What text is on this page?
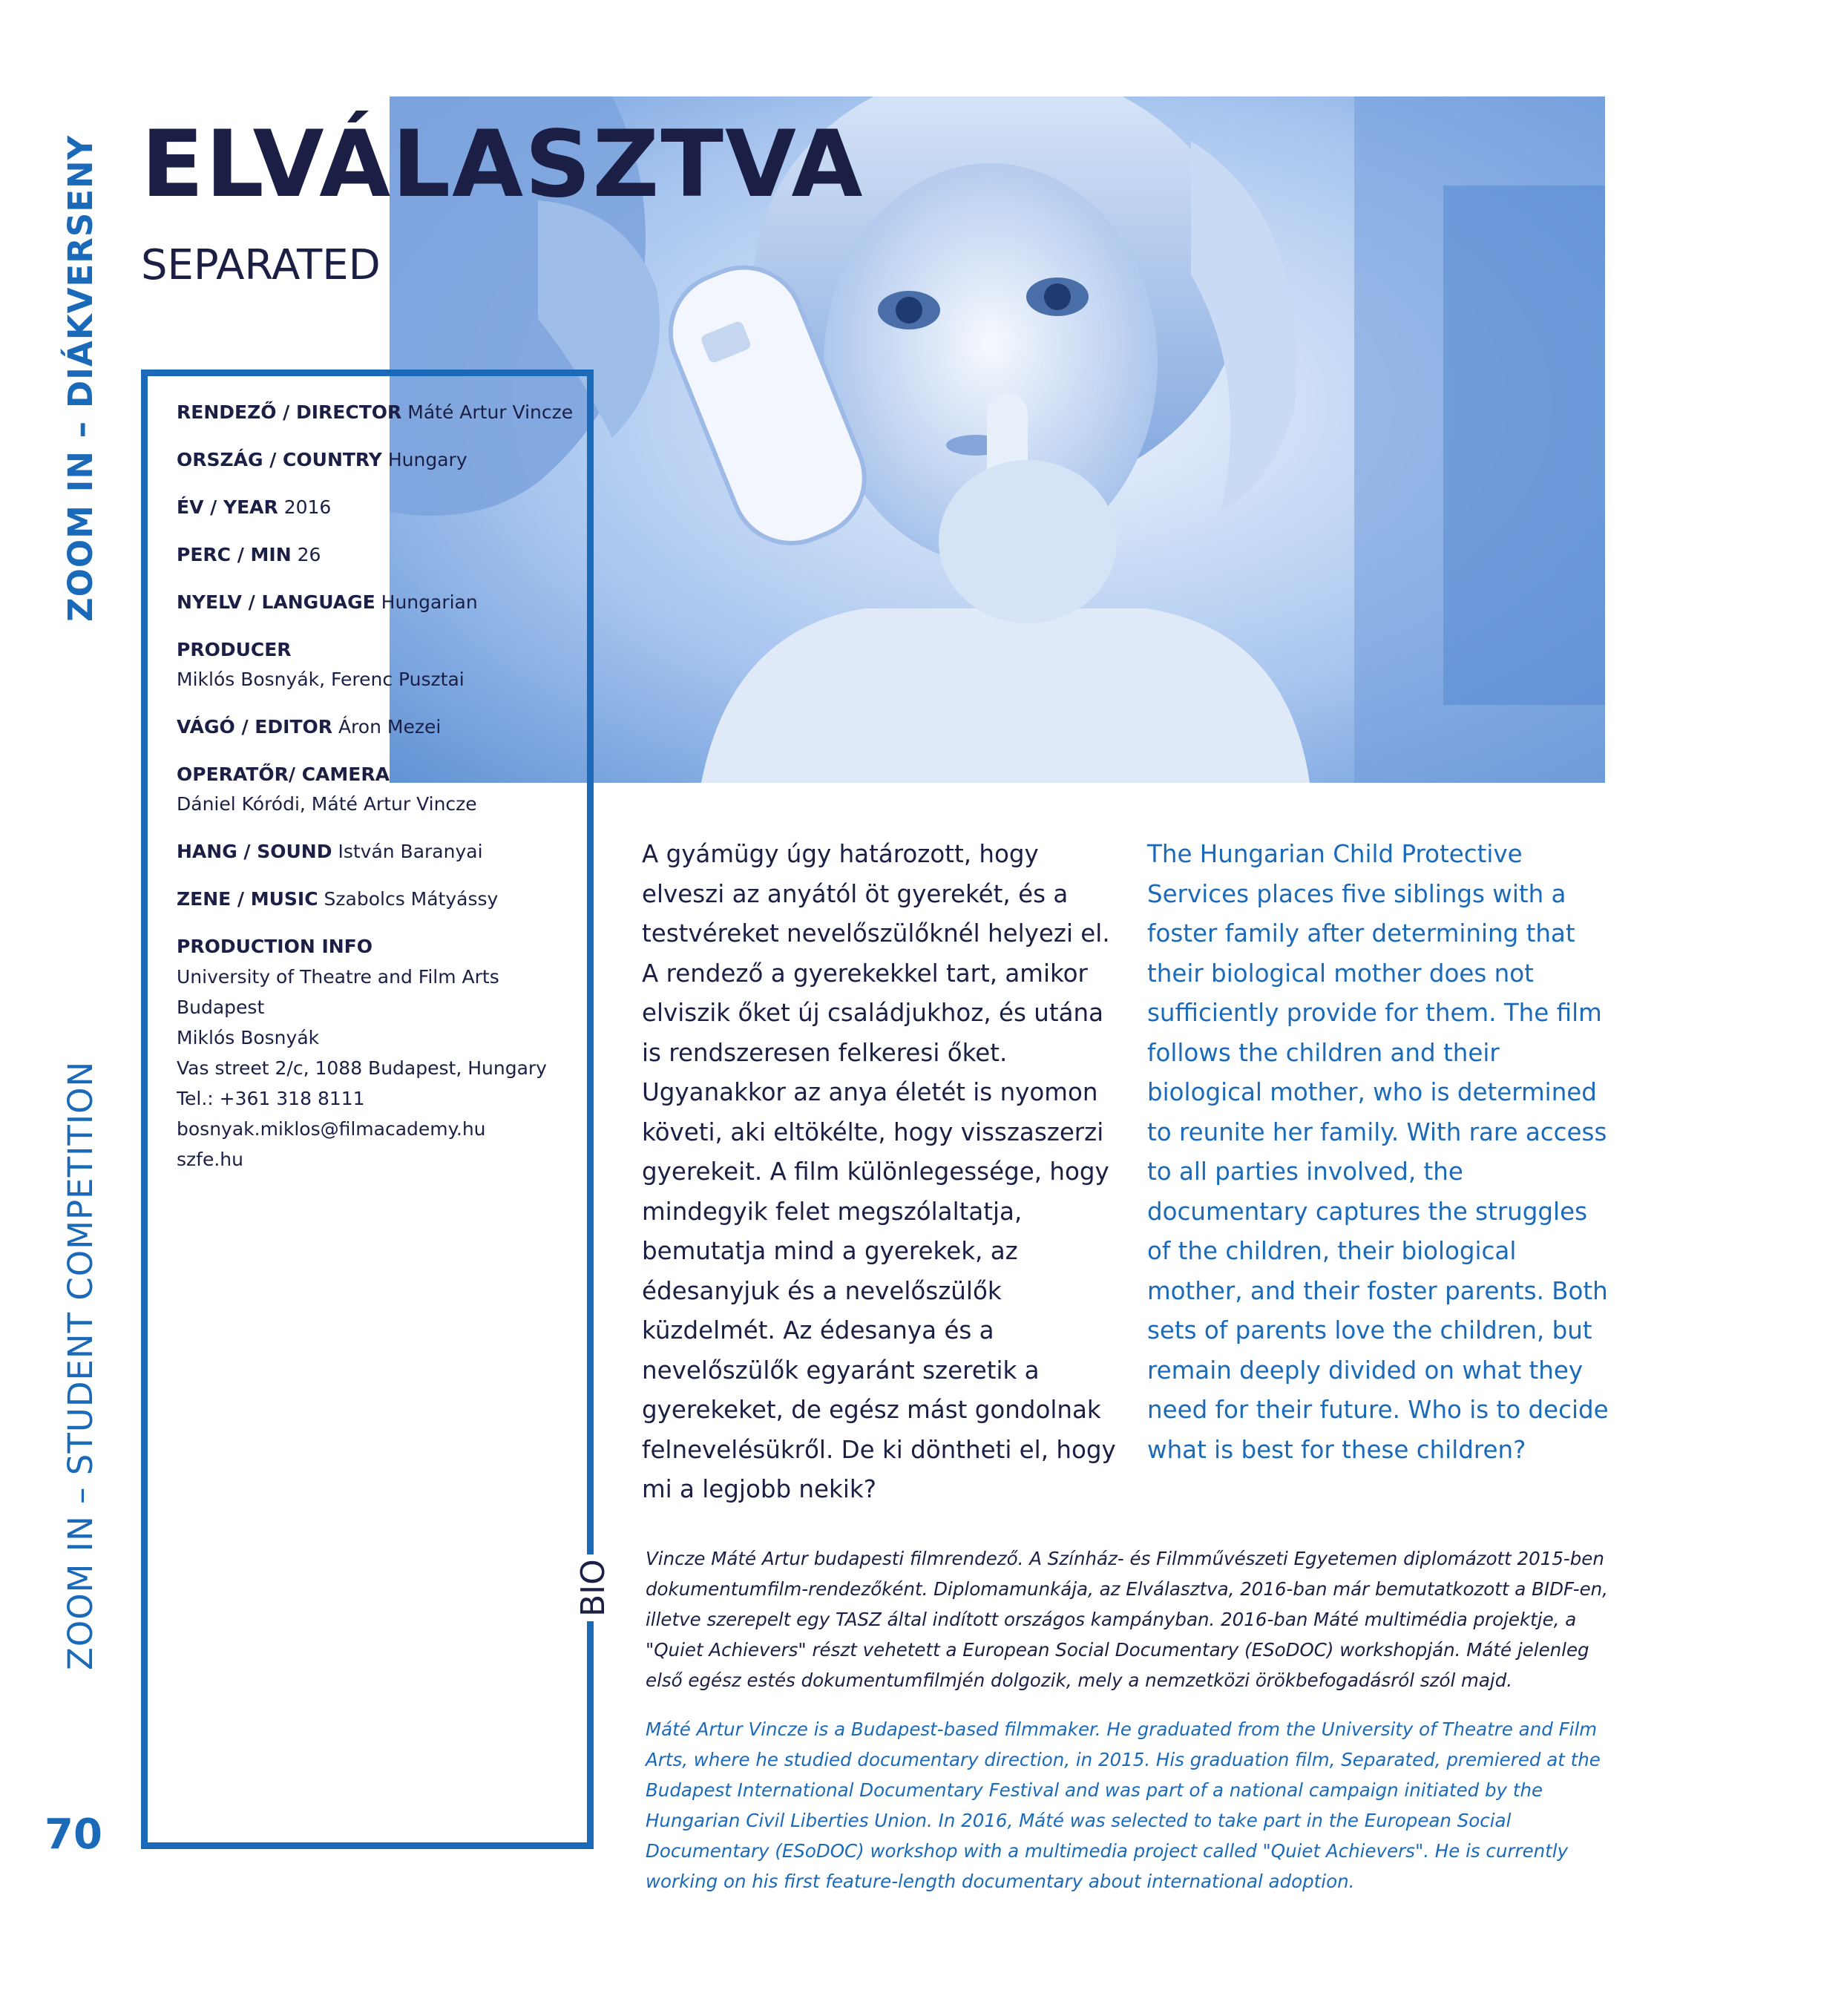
ZOOM IN – DIÁKVERSENY
ZOOM IN – STUDENT COMPETITION
70
ELVÁLASZTVA
SEPARATED
RENDEZŐ / DIRECTOR Máté Artur Vincze
ORSZÁG / COUNTRY Hungary
ÉV / YEAR 2016
PERC / MIN 26
NYELV / LANGUAGE Hungarian
PRODUCER
Miklós Bosnyák, Ferenc Pusztai
VÁGÓ / EDITOR Áron Mezei
OPERATŐR/ CAMERA
Dániel Kóródi, Máté Artur Vincze
HANG / SOUND István Baranyai
ZENE / MUSIC Szabolcs Mátyássy
PRODUCTION INFO
University of Theatre and Film Arts
Budapest
Miklós Bosnyák
Vas street 2/c, 1088 Budapest, Hungary
Tel.: +361 318 8111
bosnyak.miklos@filmacademy.hu
szfe.hu
A gyámügy úgy határozott, hogy elveszi az anyától öt gyerekét, és a testvéreket nevelőszülőknél helyezi el. A rendező a gyerekekkel tart, amikor elviszik őket új családjukhoz, és utána is rendszeresen felkeresi őket. Ugyanakkor az anya életét is nyomon követi, aki eltökélte, hogy visszaszerzi gyerekeit. A film különlegessége, hogy mindegyik felet megszólaltatja, bemutatja mind a gyerekek, az édesanyjuk és a nevelőszülők küzdelmét. Az édesanya és a nevelőszülők egyaránt szeretik a gyerekeket, de egész mást gondolnak felnevelésükről. De ki döntheti el, hogy mi a legjobb nekik?
The Hungarian Child Protective Services places five siblings with a foster family after determining that their biological mother does not sufficiently provide for them. The film follows the children and their biological mother, who is determined to reunite her family. With rare access to all parties involved, the documentary captures the struggles of the children, their biological mother, and their foster parents. Both sets of parents love the children, but remain deeply divided on what they need for their future. Who is to decide what is best for these children?
BIO
Vincze Máté Artur budapesti filmrendező. A Színház- és Filmművészeti Egyetemen diplomázott 2015-ben dokumentumfilm-rendezőként. Diplomamunkája, az Elválasztva, 2016-ban már bemutatkozott a BIDF-en, illetve szerepelt egy TASZ által indított országos kampányban. 2016-ban Máté multimédia projektje, a "Quiet Achievers" részt vehetett a European Social Documentary (ESoDOC) workshopján. Máté jelenleg első egész estés dokumentumfilmjén dolgozik, mely a nemzetközi örökbefogadásról szól majd.
Máté Artur Vincze is a Budapest-based filmmaker. He graduated from the University of Theatre and Film Arts, where he studied documentary direction, in 2015. His graduation film, Separated, premiered at the Budapest International Documentary Festival and was part of a national campaign initiated by the Hungarian Civil Liberties Union. In 2016, Máté was selected to take part in the European Social Documentary (ESoDOC) workshop with a multimedia project called "Quiet Achievers". He is currently working on his first feature-length documentary about international adoption.
